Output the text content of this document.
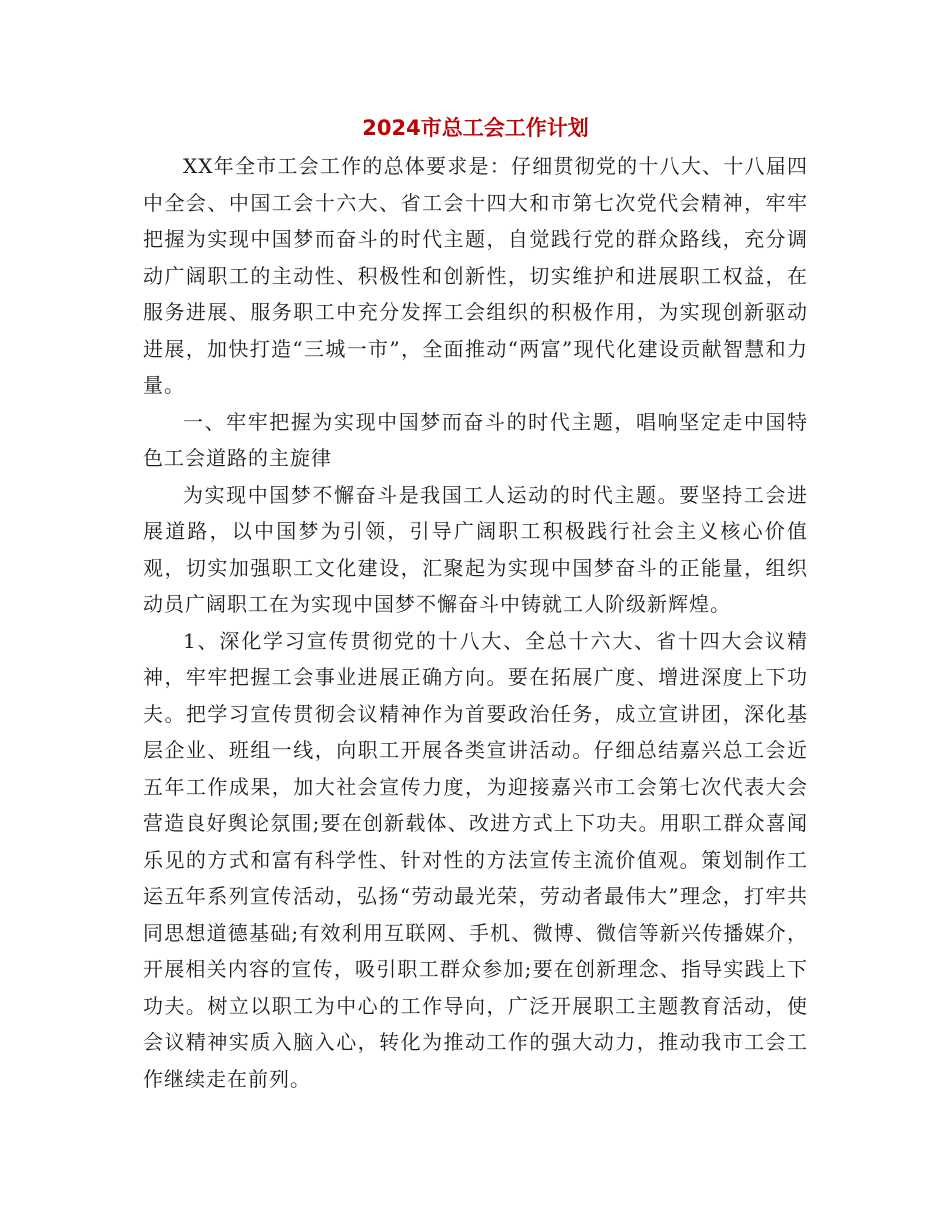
2024市总工会工作计划

XX年全市工会工作的总体要求是：仔细贯彻党的十八大、十八届四中全会、中国工会十六大、省工会十四大和市第七次党代会精神，牢牢把握为实现中国梦而奋斗的时代主题，自觉践行党的群众路线，充分调动广阔职工的主动性、积极性和创新性，切实维护和进展职工权益，在服务进展、服务职工中充分发挥工会组织的积极作用，为实现创新驱动进展，加快打造“三城一市”，全面推动“两富”现代化建设贡献智慧和力量。

一、牢牢把握为实现中国梦而奋斗的时代主题，唱响坚定走中国特色工会道路的主旋律

为实现中国梦不懈奋斗是我国工人运动的时代主题。要坚持工会进展道路，以中国梦为引领，引导广阔职工积极践行社会主义核心价值观，切实加强职工文化建设，汇聚起为实现中国梦奋斗的正能量，组织动员广阔职工在为实现中国梦不懈奋斗中铸就工人阶级新辉煌。

1、深化学习宣传贯彻党的十八大、全总十六大、省十四大会议精神，牢牢把握工会事业进展正确方向。要在拓展广度、增进深度上下功夫。把学习宣传贯彻会议精神作为首要政治任务，成立宣讲团，深化基层企业、班组一线，向职工开展各类宣讲活动。仔细总结嘉兴总工会近五年工作成果，加大社会宣传力度，为迎接嘉兴市工会第七次代表大会营造良好舆论氛围;要在创新载体、改进方式上下功夫。用职工群众喜闻乐见的方式和富有科学性、针对性的方法宣传主流价值观。策划制作工运五年系列宣传活动，弘扬“劳动最光荣，劳动者最伟大”理念，打牢共同思想道德基础;有效利用互联网、手机、微博、微信等新兴传播媒介，开展相关内容的宣传，吸引职工群众参加;要在创新理念、指导实践上下功夫。树立以职工为中心的工作导向，广泛开展职工主题教育活动，使会议精神实质入脑入心，转化为推动工作的强大动力，推动我市工会工作继续走在前列。
